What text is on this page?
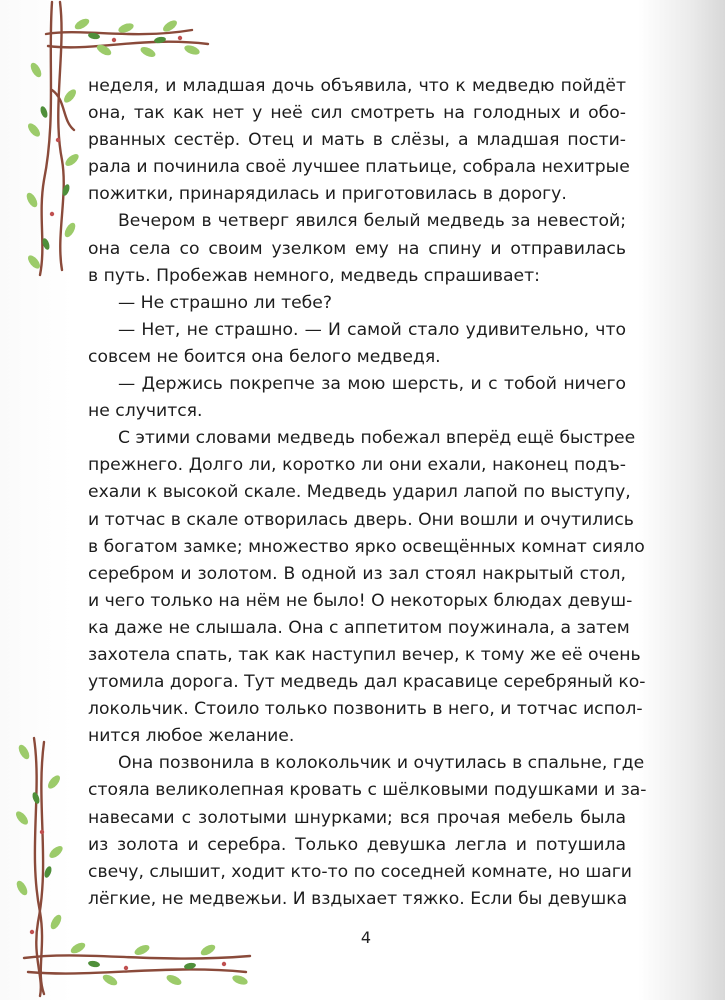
неделя, и младшая дочь объявила, что к медведю пойдёт
она, так как нет у неё сил смотреть на голодных и обо-
рванных сестёр. Отец и мать в слёзы, а младшая пости-
рала и починила своё лучшее платьице, собрала нехитрые
пожитки, принарядилась и приготовилась в дорогу.
Вечером в четверг явился белый медведь за невестой;
она села со своим узелком ему на спину и отправилась
в путь. Пробежав немного, медведь спрашивает:
— Не страшно ли тебе?
— Нет, не страшно. — И самой стало удивительно, что
совсем не боится она белого медведя.
— Держись покрепче за мою шерсть, и с тобой ничего
не случится.
С этими словами медведь побежал вперёд ещё быстрее
прежнего. Долго ли, коротко ли они ехали, наконец подъ-
ехали к высокой скале. Медведь ударил лапой по выступу,
и тотчас в скале отворилась дверь. Они вошли и очутились
в богатом замке; множество ярко освещённых комнат сияло
серебром и золотом. В одной из зал стоял накрытый стол,
и чего только на нём не было! О некоторых блюдах девуш-
ка даже не слышала. Она с аппетитом поужинала, а затем
захотела спать, так как наступил вечер, к тому же её очень
утомила дорога. Тут медведь дал красавице серебряный ко-
локольчик. Стоило только позвонить в него, и тотчас испол-
нится любое желание.
Она позвонила в колокольчик и очутилась в спальне, где
стояла великолепная кровать с шёлковыми подушками и за-
навесами с золотыми шнурками; вся прочая мебель была
из золота и серебра. Только девушка легла и потушила
свечу, слышит, ходит кто-то по соседней комнате, но шаги
лёгкие, не медвежьи. И вздыхает тяжко. Если бы девушка
4
